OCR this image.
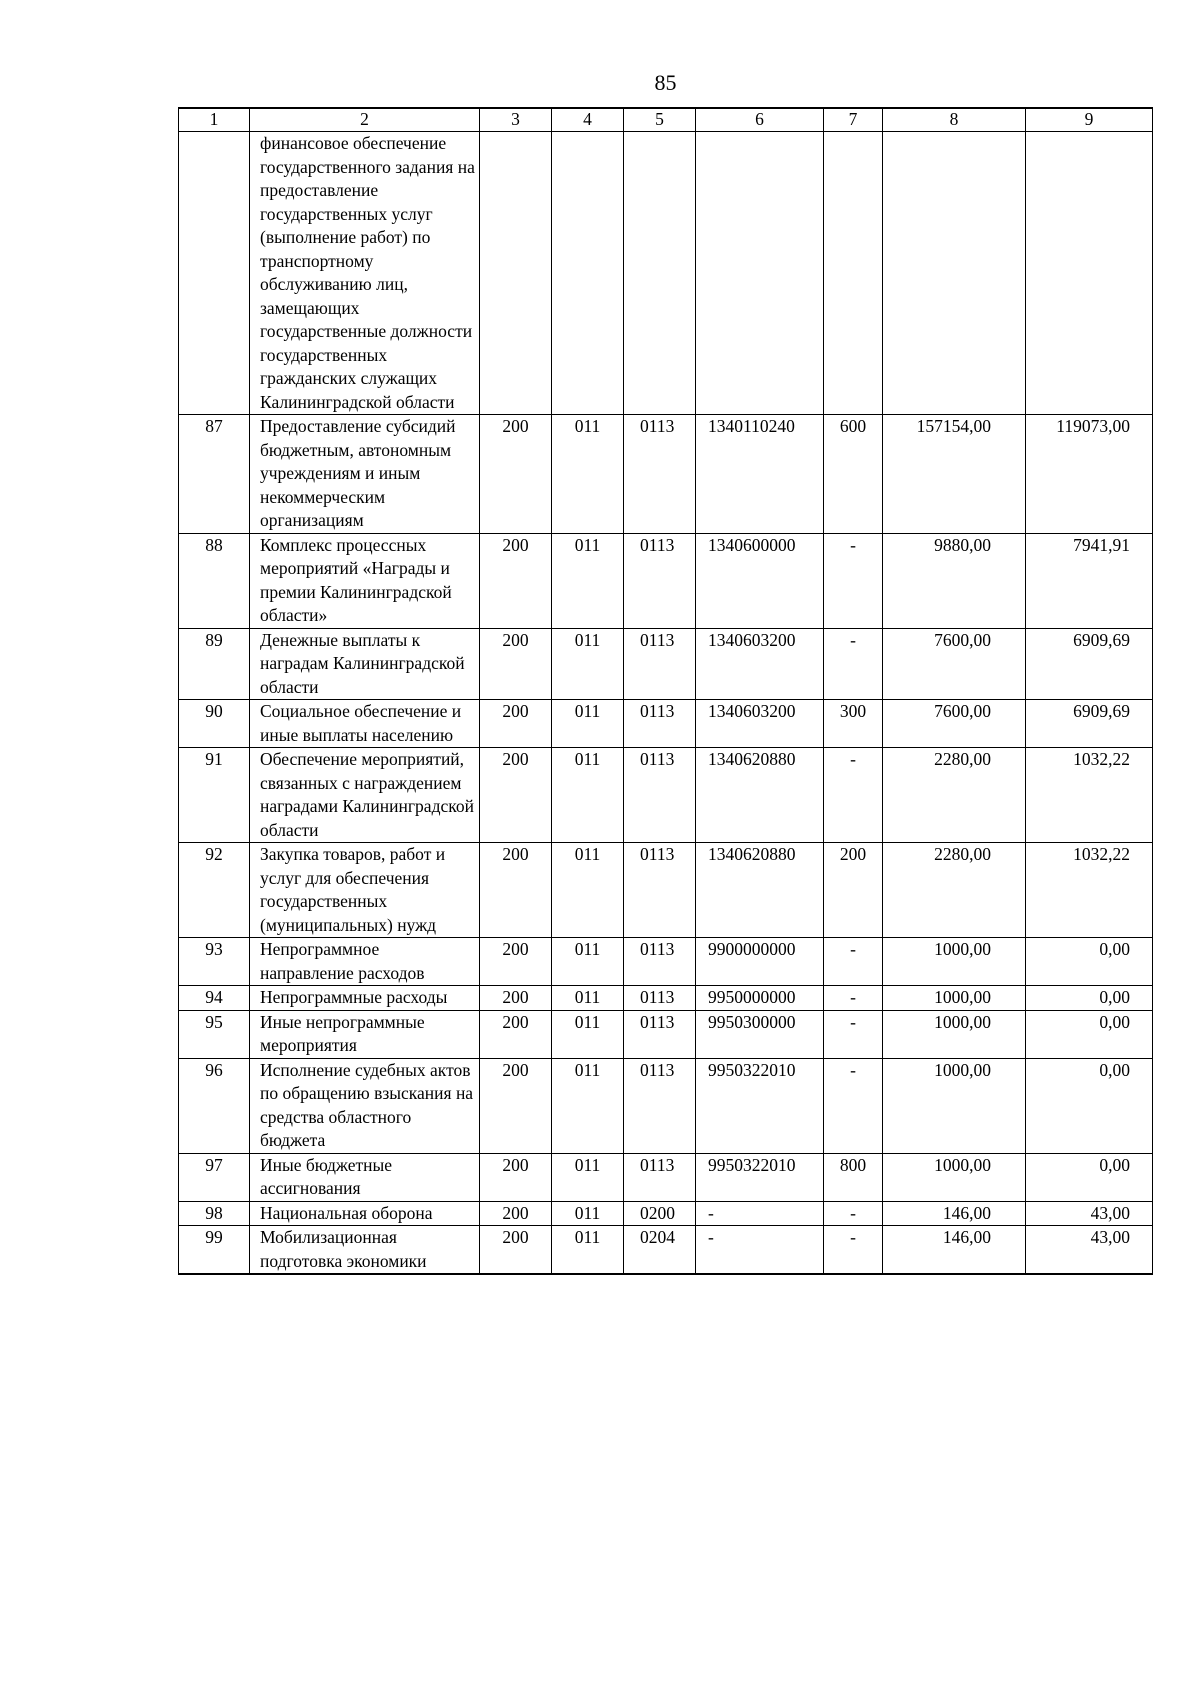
85
1	2	3	4	5	6	7	8	9
	финансовое обеспечение государственного задания на предоставление государственных услуг (выполнение работ) по транспортному обслуживанию лиц, замещающих государственные должности государственных гражданских служащих Калининградской области							
87	Предоставление субсидий бюджетным, автономным учреждениям и иным некоммерческим организациям	200	011	0113	1340110240	600	157154,00	119073,00
88	Комплекс процессных мероприятий «Награды и премии Калининградской области»	200	011	0113	1340600000	-	9880,00	7941,91
89	Денежные выплаты к наградам Калининградской области	200	011	0113	1340603200	-	7600,00	6909,69
90	Социальное обеспечение и иные выплаты населению	200	011	0113	1340603200	300	7600,00	6909,69
91	Обеспечение мероприятий, связанных с награждением наградами Калининградской области	200	011	0113	1340620880	-	2280,00	1032,22
92	Закупка товаров, работ и услуг для обеспечения государственных (муниципальных) нужд	200	011	0113	1340620880	200	2280,00	1032,22
93	Непрограммное направление расходов	200	011	0113	9900000000	-	1000,00	0,00
94	Непрограммные расходы	200	011	0113	9950000000	-	1000,00	0,00
95	Иные непрограммные мероприятия	200	011	0113	9950300000	-	1000,00	0,00
96	Исполнение судебных актов по обращению взыскания на средства областного бюджета	200	011	0113	9950322010	-	1000,00	0,00
97	Иные бюджетные ассигнования	200	011	0113	9950322010	800	1000,00	0,00
98	Национальная оборона	200	011	0200	-	-	146,00	43,00
99	Мобилизационная подготовка экономики	200	011	0204	-	-	146,00	43,00
